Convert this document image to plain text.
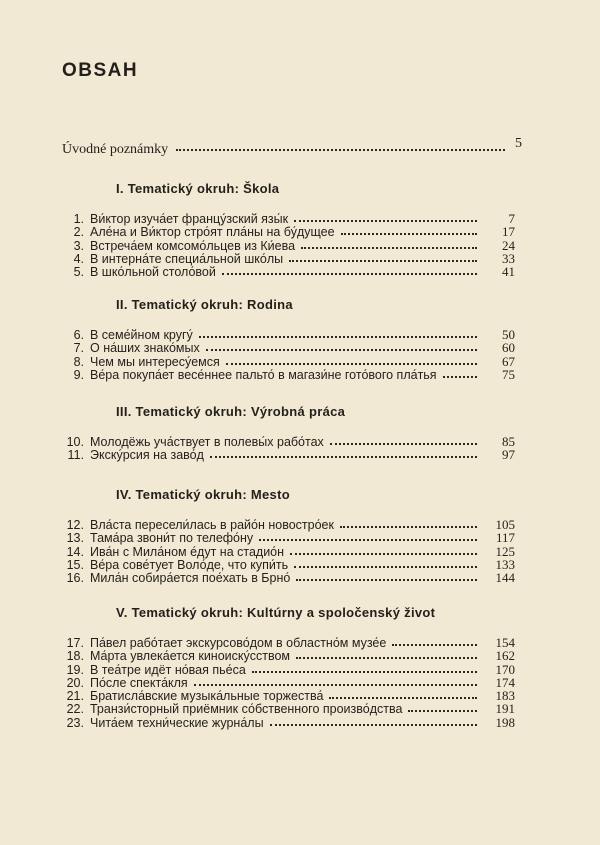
OBSAH
Úvodné poznámky	5
I. Tematický okruh: Škola
1. Ви́ктор изуча́ет францу́зский язы́к	7
2. Але́на и Ви́ктор стро́ят пла́ны на бу́дущее	17
3. Встреча́ем комсомо́льцев из Ки́ева	24
4. В интерна́те специа́льной шко́лы	33
5. В шко́льной столо́вой	41
II. Tematický okruh: Rodina
6. В семе́йном кругу́	50
7. О на́ших знако́мых	60
8. Чем мы интересу́емся	67
9. Ве́ра покупа́ет весе́ннее пальто́ в магази́не гото́вого пла́тья	75
III. Tematický okruh: Výrobná práca
10. Молодёжь уча́ствует в полевы́х рабо́тах	85
11. Экску́рсия на заво́д	97
IV. Tematický okruh: Mesto
12. Вла́ста пересели́лась в райо́н новостро́ек	105
13. Тама́ра звони́т по телефо́ну	117
14. Ива́н с Мила́ном е́дут на стадио́н	125
15. Ве́ра сове́тует Воло́де, что купи́ть	133
16. Мила́н собира́ется пое́хать в Брно́	144
V. Tematický okruh: Kultúrny a spoločenský život
17. Па́вел рабо́тает экскурсово́дом в областно́м музе́е	154
18. Ма́рта увлека́ется киноиску́сством	162
19. В теа́тре идёт но́вая пье́са	170
20. По́сле спекта́кля	174
21. Братисла́вские музыка́льные торжества́	183
22. Транзи́сторный приёмник со́бственного произво́дства	191
23. Чита́ем техни́ческие журна́лы	198
